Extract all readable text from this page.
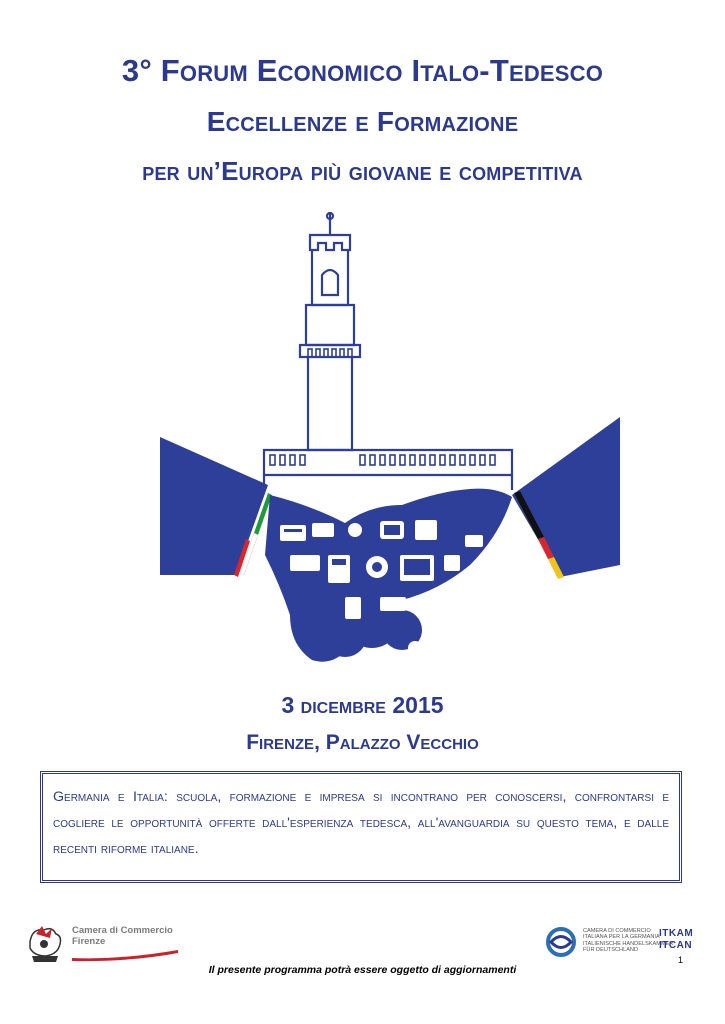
3° Forum Economico Italo-Tedesco
Eccellenze e Formazione
per un’Europa più giovane e competitiva
3 dicembre 2015
Firenze, Palazzo Vecchio

Germania e Italia: scuola, formazione e impresa si incontrano per conoscersi, confrontarsi e cogliere le opportunità offerte dall'esperienza tedesca, all'avanguardia su questo tema, e dalle recenti riforme italiane.

Camera di Commercio
Firenze
CAMERA DI COMMERCIO
ITALIANA PER LA GERMANIA
ITALIENISCHE HANDELSKAMMER
FÜR DEUTSCHLAND
ITKAM
ITCAN
1
Il presente programma potrà essere oggetto di aggiornamenti
